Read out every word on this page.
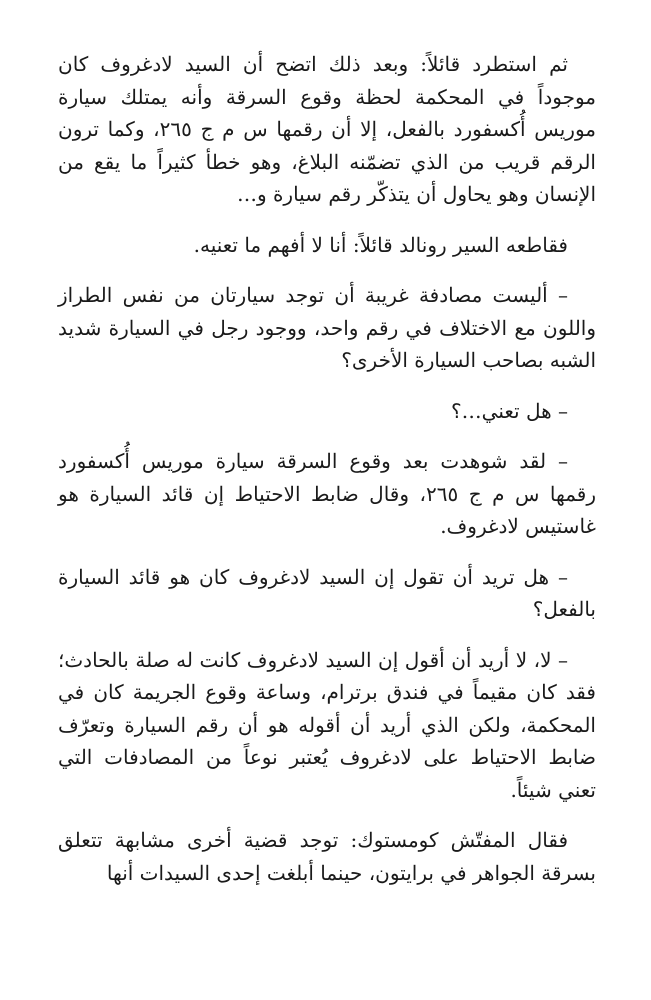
ثم استطرد قائلاً: وبعد ذلك اتضح أن السيد لادغروف كان موجوداً في المحكمة لحظة وقوع السرقة وأنه يمتلك سيارة موريس أُكسفورد بالفعل، إلا أن رقمها س م ج ٢٦٥، وكما ترون الرقم قريب من الذي تضمّنه البلاغ، وهو خطأ كثيراً ما يقع من الإنسان وهو يحاول أن يتذكّر رقم سيارة و…

فقاطعه السير رونالد قائلاً: أنا لا أفهم ما تعنيه.

– أليست مصادفة غريبة أن توجد سيارتان من نفس الطراز واللون مع الاختلاف في رقم واحد، ووجود رجل في السيارة شديد الشبه بصاحب السيارة الأخرى؟

– هل تعني…؟

– لقد شوهدت بعد وقوع السرقة سيارة موريس أُكسفورد رقمها س م ج ٢٦٥، وقال ضابط الاحتياط إن قائد السيارة هو غاستيس لادغروف.

– هل تريد أن تقول إن السيد لادغروف كان هو قائد السيارة بالفعل؟

– لا، لا أريد أن أقول إن السيد لادغروف كانت له صلة بالحادث؛ فقد كان مقيماً في فندق برترام، وساعة وقوع الجريمة كان في المحكمة، ولكن الذي أريد أن أقوله هو أن رقم السيارة وتعرّف ضابط الاحتياط على لادغروف يُعتبر نوعاً من المصادفات التي تعني شيئاً.

فقال المفتّش كومستوك: توجد قضية أخرى مشابهة تتعلق بسرقة الجواهر في برايتون، حينما أبلغت إحدى السيدات أنها
